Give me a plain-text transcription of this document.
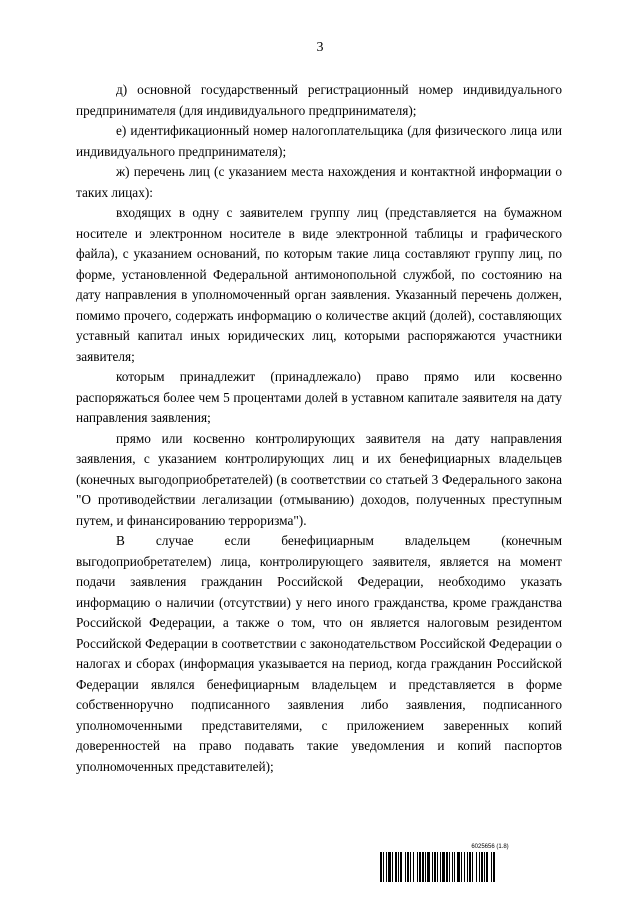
3

д) основной государственный регистрационный номер индивидуального предпринимателя (для индивидуального предпринимателя);

е) идентификационный номер налогоплательщика (для физического лица или индивидуального предпринимателя);

ж) перечень лиц (с указанием места нахождения и контактной информации о таких лицах):

входящих в одну с заявителем группу лиц (представляется на бумажном носителе и электронном носителе в виде электронной таблицы и графического файла), с указанием оснований, по которым такие лица составляют группу лиц, по форме, установленной Федеральной антимонопольной службой, по состоянию на дату направления в уполномоченный орган заявления. Указанный перечень должен, помимо прочего, содержать информацию о количестве акций (долей), составляющих уставный капитал иных юридических лиц, которыми распоряжаются участники заявителя;

которым принадлежит (принадлежало) право прямо или косвенно распоряжаться более чем 5 процентами долей в уставном капитале заявителя на дату направления заявления;

прямо или косвенно контролирующих заявителя на дату направления заявления, с указанием контролирующих лиц и их бенефициарных владельцев (конечных выгодоприобретателей) (в соответствии со статьей 3 Федерального закона "О противодействии легализации (отмыванию) доходов, полученных преступным путем, и финансированию терроризма").

В случае если бенефициарным владельцем (конечным выгодоприобретателем) лица, контролирующего заявителя, является на момент подачи заявления гражданин Российской Федерации, необходимо указать информацию о наличии (отсутствии) у него иного гражданства, кроме гражданства Российской Федерации, а также о том, что он является налоговым резидентом Российской Федерации в соответствии с законодательством Российской Федерации о налогах и сборах (информация указывается на период, когда гражданин Российской Федерации являлся бенефициарным владельцем и представляется в форме собственноручно подписанного заявления либо заявления, подписанного уполномоченными представителями, с приложением заверенных копий доверенностей на право подавать такие уведомления и копий паспортов уполномоченных представителей);

6025656 (1.8)
